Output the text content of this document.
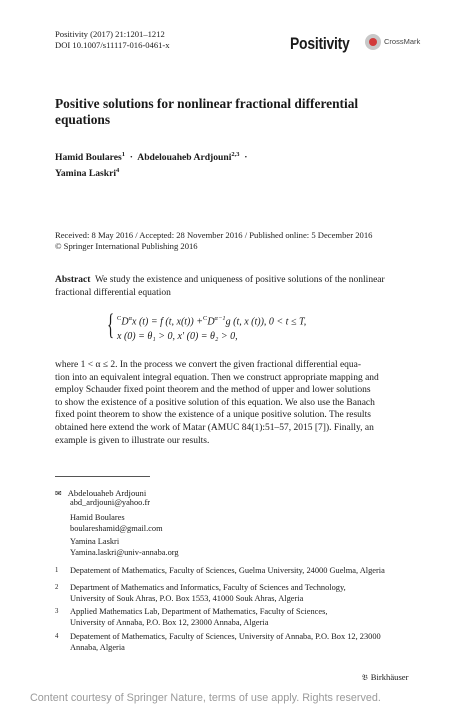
Positivity (2017) 21:1201–1212
DOI 10.1007/s11117-016-0461-x	Positivity	CrossMark
Positive solutions for nonlinear fractional differential
equations
Hamid Boulares$^1$ · Abdelouaheb Ardjouni$^{2,3}$ ·
Yamina Laskri$^4$
Received: 8 May 2016 / Accepted: 28 November 2016 / Published online: 5 December 2016
© Springer International Publishing 2016
Abstract We study the existence and uniqueness of positive solutions of the nonlinear
fractional differential equation
{ $^CD^\alpha x$ (t) = f (t, $x(t)) +^CD^{\alpha-1}g$ (t, x (t)), 0 < t ≤ T,
x (0) = θ₁ > 0, x′ (0) = θ₂ > 0,
where 1 < α ≤ 2. In the process we convert the given fractional differential equa-
tion into an equivalent integral equation. Then we construct appropriate mapping and
employ Schauder fixed point theorem and the method of upper and lower solutions
to show the existence of a positive solution of this equation. We also use the Banach
fixed point theorem to show the existence of a unique positive solution. The results
obtained here extend the work of Matar (AMUC 84(1):51–57, 2015 [7]). Finally, an
example is given to illustrate our results.
✉ Abdelouaheb Ardjouni
abd_ardjouni@yahoo.fr
Hamid Boulares
boulareshamid@gmail.com
Yamina Laskri
Yamina.laskri@univ-annaba.org
1 Depatement of Mathematics, Faculty of Sciences, Guelma University, 24000 Guelma, Algeria
2 Department of Mathematics and Informatics, Faculty of Sciences and Technology,
University of Souk Ahras, P.O. Box 1553, 41000 Souk Ahras, Algeria
3 Applied Mathematics Lab, Department of Mathematics, Faculty of Sciences,
University of Annaba, P.O. Box 12, 23000 Annaba, Algeria
4 Depatement of Mathematics, Faculty of Sciences, University of Annaba, P.O. Box 12, 23000
Annaba, Algeria
𝔅 Birkhäuser
Content courtesy of Springer Nature, terms of use apply. Rights reserved.
